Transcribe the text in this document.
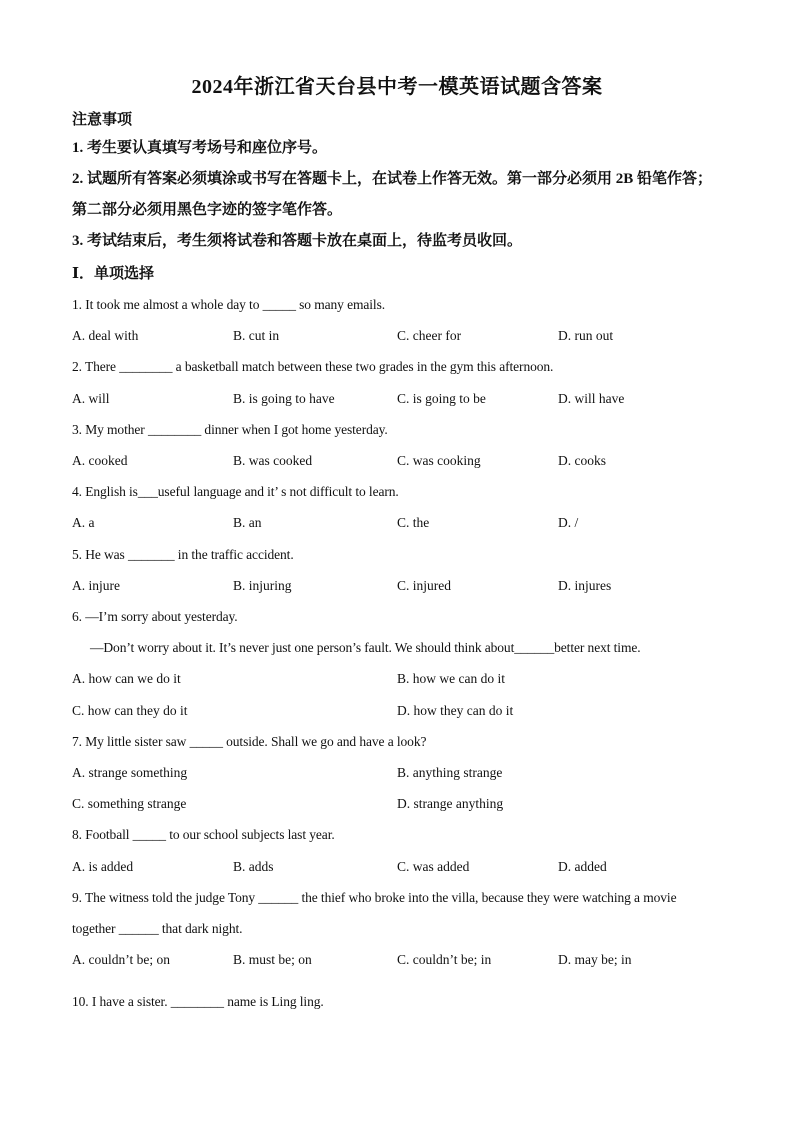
2024年浙江省天台县中考一模英语试题含答案
注意事项
1. 考生要认真填写考场号和座位序号。
2. 试题所有答案必须填涂或书写在答题卡上，在试卷上作答无效。第一部分必须用 2B 铅笔作答；第二部分必须用黑色字迹的签字笔作答。
3. 考试结束后，考生须将试卷和答题卡放在桌面上，待监考员收回。
Ⅰ．单项选择
1. It took me almost a whole day to _____ so many emails.
A. deal with	B. cut in	C. cheer for	D. run out
2. There ________ a basketball match between these two grades in the gym this afternoon.
A. will	B. is going to have	C. is going to be	D. will have
3. My mother ________ dinner when I got home yesterday.
A. cooked	B. was cooked	C. was cooking	D. cooks
4. English is___useful language and it’ s not difficult to learn.
A. a	B. an	C. the	D. /
5. He was _______ in the traffic accident.
A. injure	B. injuring	C. injured	D. injures
6. —I’m sorry about yesterday.
—Don’t worry about it. It’s never just one person’s fault. We should think about______better next time.
A. how can we do it	B. how we can do it
C. how can they do it	D. how they can do it
7. My little sister saw _____ outside. Shall we go and have a look?
A. strange something	B. anything strange
C. something strange	D. strange anything
8. Football _____ to our school subjects last year.
A. is added	B. adds	C. was added	D. added
9. The witness told the judge Tony ______ the thief who broke into the villa, because they were watching a movie
together ______ that dark night.
A. couldn’t be; on	B. must be; on	C. couldn’t be; in	D. may be; in
10. I have a sister. ________ name is Ling ling.
